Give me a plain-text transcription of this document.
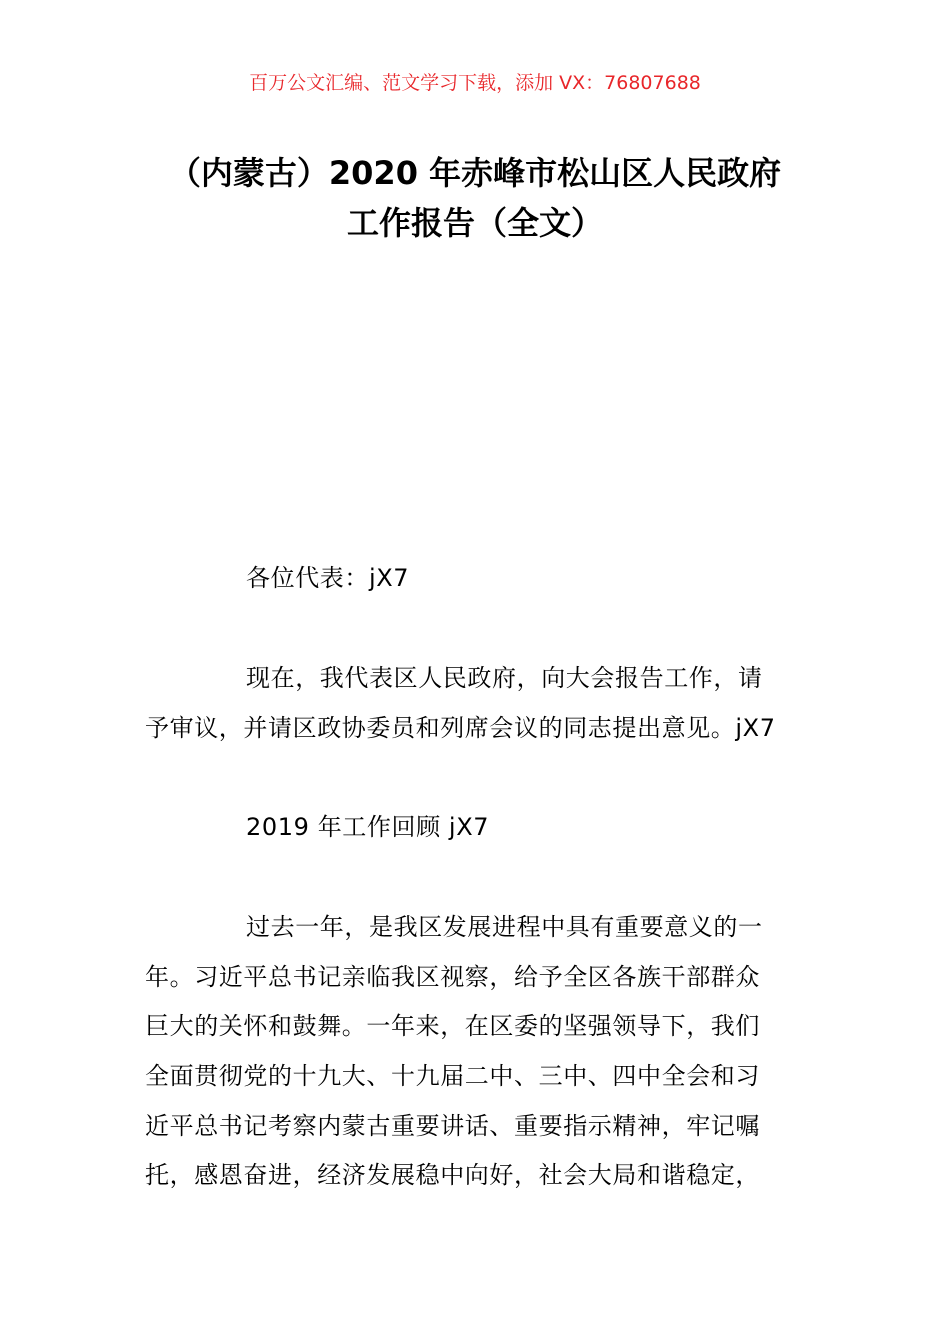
百万公文汇编、范文学习下载，添加 VX：76807688
（内蒙古）2020 年赤峰市松山区人民政府
工作报告（全文）
各位代表：jX7
现在，我代表区人民政府，向大会报告工作，请
予审议，并请区政协委员和列席会议的同志提出意见。jX7
2019 年工作回顾 jX7
过去一年，是我区发展进程中具有重要意义的一
年。习近平总书记亲临我区视察，给予全区各族干部群众
巨大的关怀和鼓舞。一年来，在区委的坚强领导下，我们
全面贯彻党的十九大、十九届二中、三中、四中全会和习
近平总书记考察内蒙古重要讲话、重要指示精神，牢记嘱
托，感恩奋进，经济发展稳中向好，社会大局和谐稳定，
